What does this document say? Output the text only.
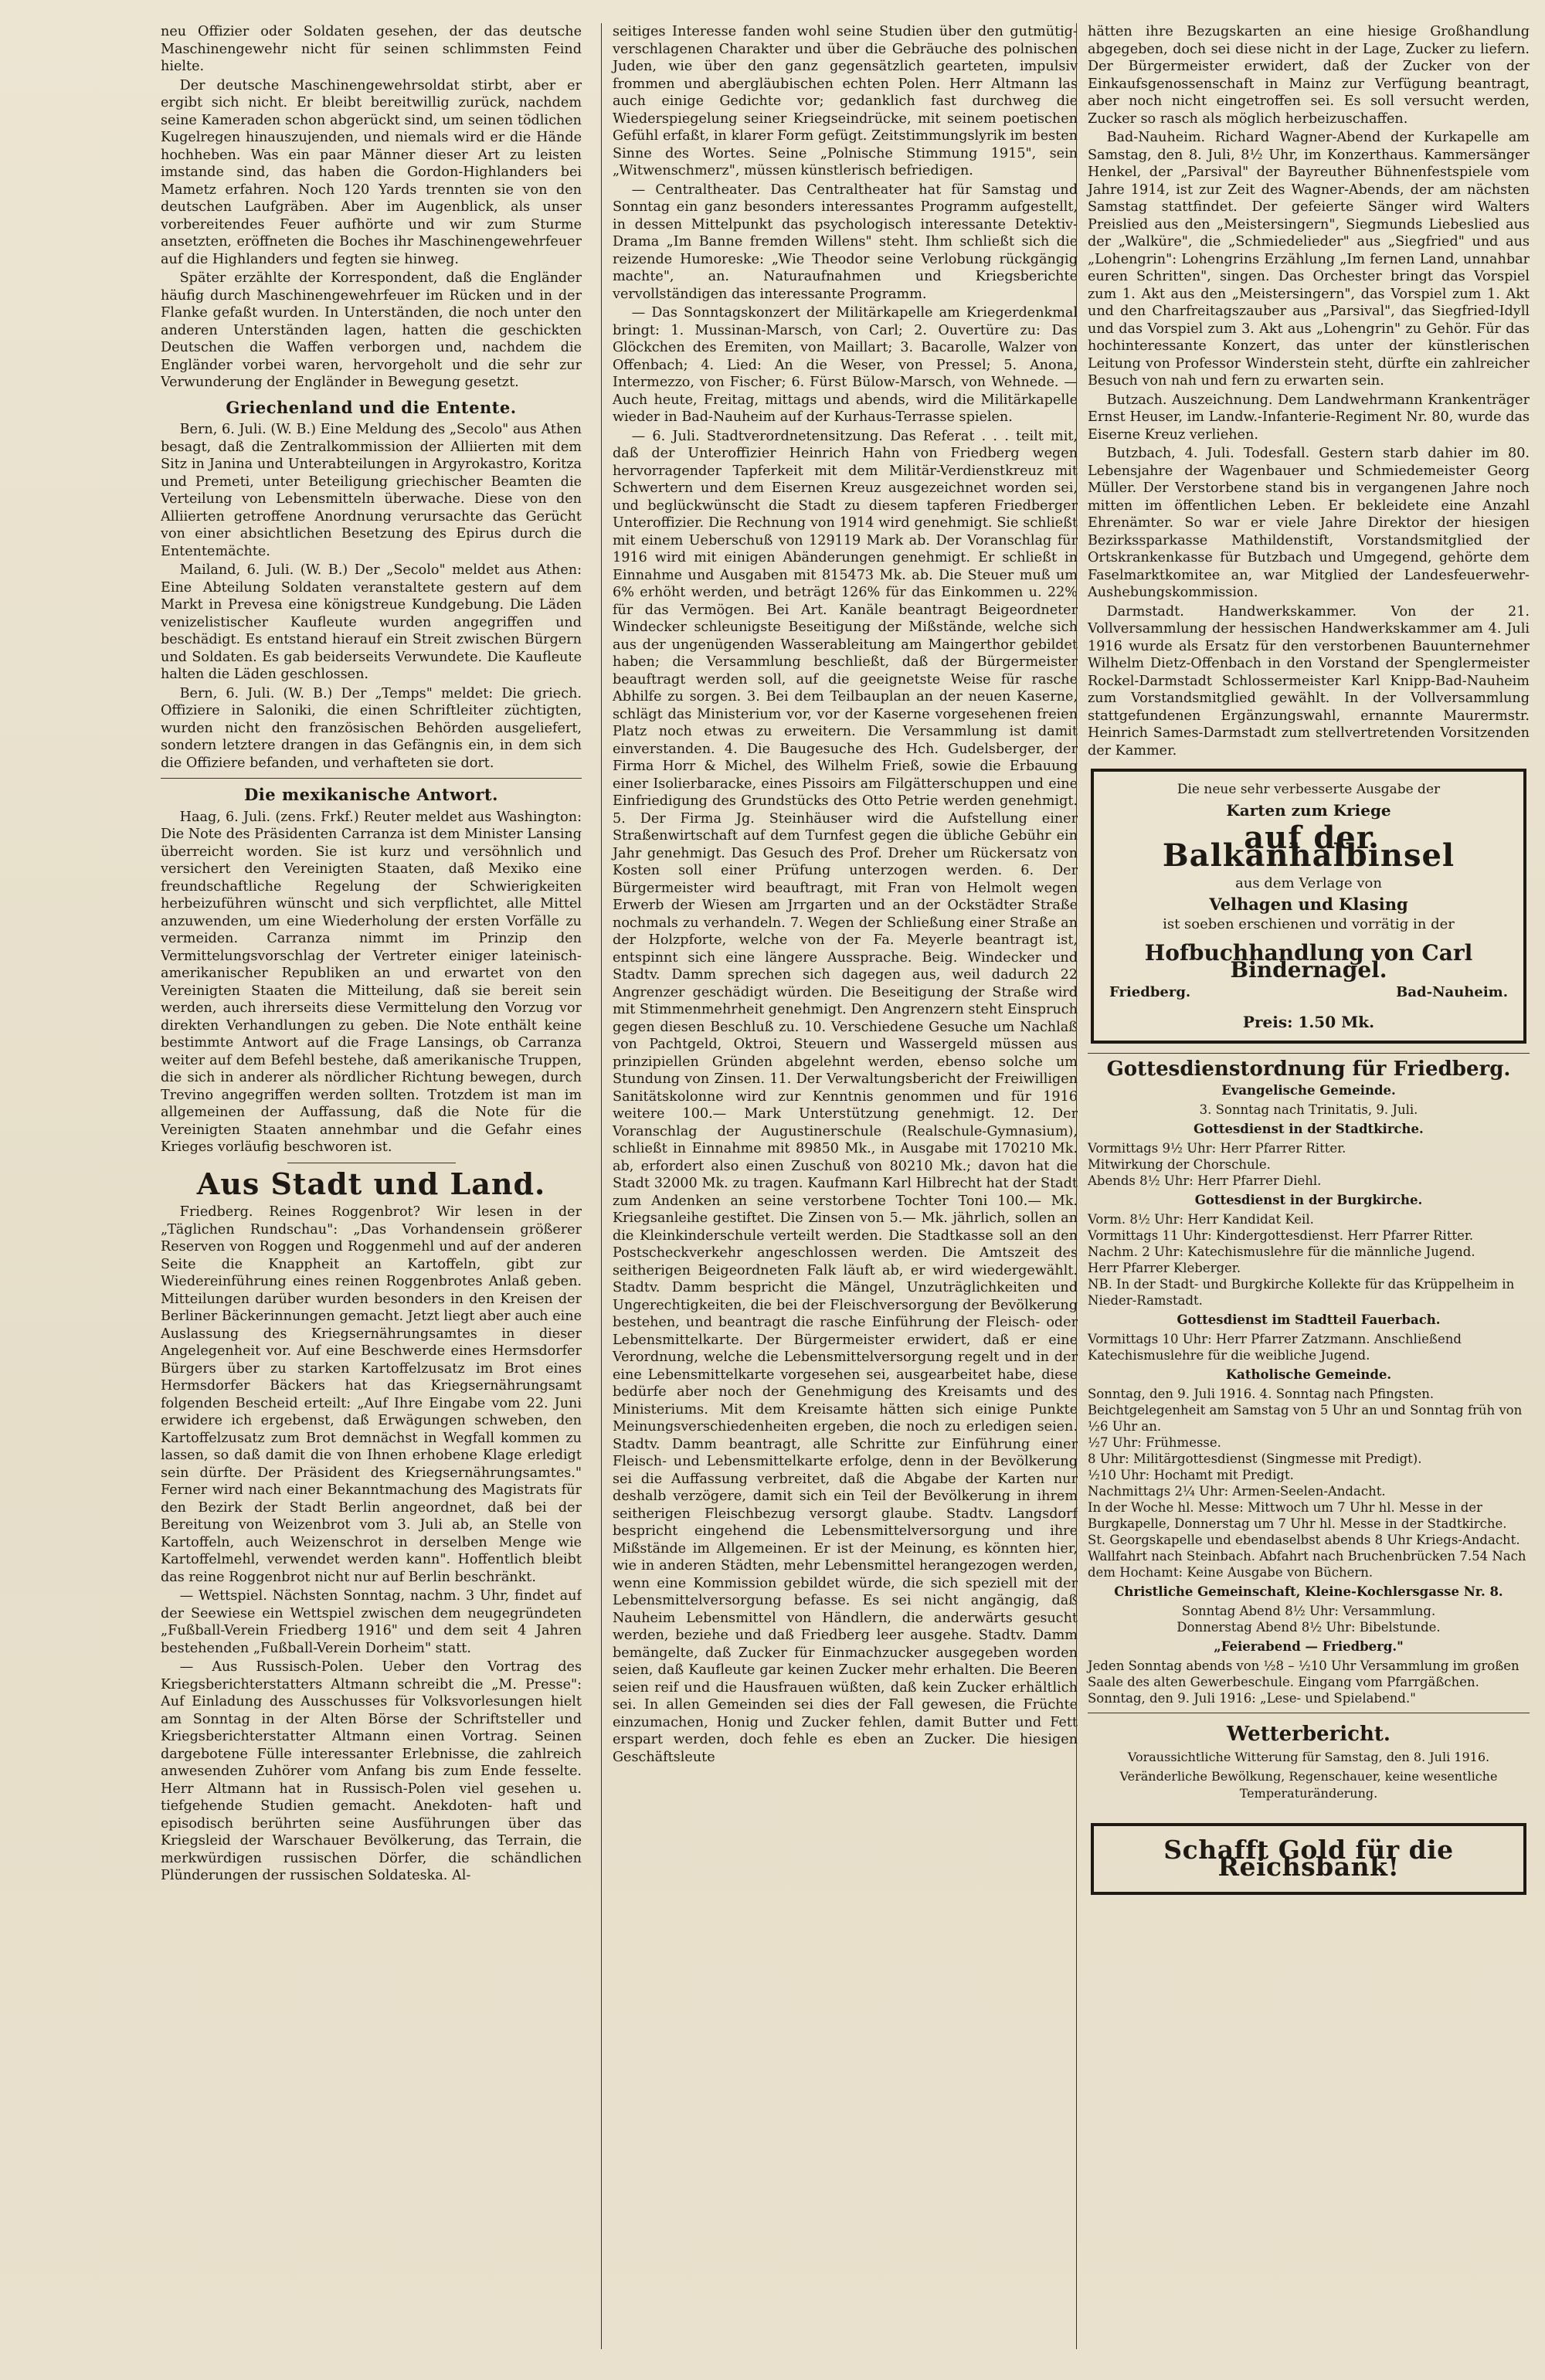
neu Offizier oder Soldaten gesehen, der das deutsche Maschinengewehr nicht für seinen schlimmsten Feind hielte.

Der deutsche Maschinengewehrsoldat stirbt, aber er ergibt sich nicht. Er bleibt bereitwillig zurück, nachdem seine Kameraden schon abgerückt sind, um seinen tödlichen Kugelregen hinauszujenden, und niemals wird er die Hände hochheben. Was ein paar Männer dieser Art zu leisten imstande sind, das haben die Gordon-Highlanders bei Mametz erfahren. Noch 120 Yards trennten sie von den deutschen Laufgräben. Aber im Augenblick, als unser vorbereitendes Feuer aufhörte und wir zum Sturme ansetzten, eröffneten die Boches ihr Maschinengewehrfeuer auf die Highlanders und fegten sie hinweg.

Später erzählte der Korrespondent, daß die Engländer häufig durch Maschinengewehrfeuer im Rücken und in der Flanke gefaßt wurden. In Unterständen, die noch unter den anderen Unterständen lagen, hatten die geschickten Deutschen die Waffen verborgen und, nachdem die Engländer vorbei waren, hervorgeholt und die sehr zur Verwunderung der Engländer in Bewegung gesetzt.

Griechenland und die Entente.

Bern, 6. Juli. (W. B.) Eine Meldung des „Secolo" aus Athen besagt, daß die Zentralkommission der Alliierten mit dem Sitz in Janina und Unterabteilungen in Argyrokastro, Koritza und Premeti, unter Beteiligung griechischer Beamten die Verteilung von Lebensmitteln überwache. Diese von den Alliierten getroffene Anordnung verursachte das Gerücht von einer absichtlichen Besetzung des Epirus durch die Ententemächte.

Mailand, 6. Juli. (W. B.) Der „Secolo" meldet aus Athen: Eine Abteilung Soldaten veranstaltete gestern auf dem Markt in Prevesa eine königstreue Kundgebung. Die Läden venizelistischer Kaufleute wurden angegriffen und beschädigt. Es entstand hierauf ein Streit zwischen Bürgern und Soldaten. Es gab beiderseits Verwundete. Die Kaufleute halten die Läden geschlossen.

Bern, 6. Juli. (W. B.) Der „Temps" meldet: Die griech. Offiziere in Saloniki, die einen Schriftleiter züchtigten, wurden nicht den französischen Behörden ausgeliefert, sondern letztere drangen in das Gefängnis ein, in dem sich die Offiziere befanden, und verhafteten sie dort.

Die mexikanische Antwort.

Haag, 6. Juli. (zens. Frkf.) Reuter meldet aus Washington: Die Note des Präsidenten Carranza ist dem Minister Lansing überreicht worden. Sie ist kurz und versöhnlich und versichert den Vereinigten Staaten, daß Mexiko eine freundschaftliche Regelung der Schwierigkeiten herbeizuführen wünscht und sich verpflichtet, alle Mittel anzuwenden, um eine Wiederholung der ersten Vorfälle zu vermeiden. Carranza nimmt im Prinzip den Vermittelungsvorschlag der Vertreter einiger lateinisch-amerikanischer Republiken an und erwartet von den Vereinigten Staaten die Mitteilung, daß sie bereit sein werden, auch ihrerseits diese Vermittelung den Vorzug vor direkten Verhandlungen zu geben. Die Note enthält keine bestimmte Antwort auf die Frage Lansings, ob Carranza weiter auf dem Befehl bestehe, daß amerikanische Truppen, die sich in anderer als nördlicher Richtung bewegen, durch Trevino angegriffen werden sollten. Trotzdem ist man im allgemeinen der Auffassung, daß die Note für die Vereinigten Staaten annehmbar und die Gefahr eines Krieges vorläufig beschworen ist.

Aus Stadt und Land.

Friedberg. Reines Roggenbrot? Wir lesen in der „Täglichen Rundschau": „Das Vorhandensein größerer Reserven von Roggen und Roggenmehl und auf der anderen Seite die Knappheit an Kartoffeln, gibt zur Wiedereinführung eines reinen Roggenbrotes Anlaß geben. Mitteilungen darüber wurden besonders in den Kreisen der Berliner Bäckerinnungen gemacht. Jetzt liegt aber auch eine Auslassung des Kriegsernährungsamtes in dieser Angelegenheit vor. Auf eine Beschwerde eines Hermsdorfer Bürgers über zu starken Kartoffelzusatz im Brot eines Hermsdorfer Bäckers hat das Kriegsernährungsamt folgenden Bescheid erteilt: „Auf Ihre Eingabe vom 22. Juni erwidere ich ergebenst, daß Erwägungen schweben, den Kartoffelzusatz zum Brot demnächst in Wegfall kommen zu lassen, so daß damit die von Ihnen erhobene Klage erledigt sein dürfte. Der Präsident des Kriegsernährungsamtes." Ferner wird nach einer Bekanntmachung des Magistrats für den Bezirk der Stadt Berlin angeordnet, daß bei der Bereitung von Weizenbrot vom 3. Juli ab, an Stelle von Kartoffeln, auch Weizenschrot in derselben Menge wie Kartoffelmehl, verwendet werden kann". Hoffentlich bleibt das reine Roggenbrot nicht nur auf Berlin beschränkt.

— Wettspiel. Nächsten Sonntag, nachm. 3 Uhr, findet auf der Seewiese ein Wettspiel zwischen dem neugegründeten „Fußball-Verein Friedberg 1916" und dem seit 4 Jahren bestehenden „Fußball-Verein Dorheim" statt.

— Aus Russisch-Polen. Ueber den Vortrag des Kriegsberichterstatters Altmann schreibt die „M. Presse": Auf Einladung des Ausschusses für Volksvorlesungen hielt am Sonntag in der Alten Börse der Schriftsteller und Kriegsberichterstatter Altmann einen Vortrag. Seinen dargebotene Fülle interessanter Erlebnisse, die zahlreich anwesenden Zuhörer vom Anfang bis zum Ende fesselte. Herr Altmann hat in Russisch-Polen viel gesehen u. tiefgehende Studien gemacht. Anekdoten- haft und episodisch berührten seine Ausführungen über das Kriegsleid der Warschauer Bevölkerung, das Terrain, die merkwürdigen russischen Dörfer, die schändlichen Plünderungen der russischen Soldateska. Al-

seitiges Interesse fanden wohl seine Studien über den gutmütig-verschlagenen Charakter und über die Gebräuche des polnischen Juden, wie über den ganz gegensätzlich gearteten, impulsiv frommen und abergläubischen echten Polen. Herr Altmann las auch einige Gedichte vor; gedanklich fast durchweg die Wiederspiegelung seiner Kriegseindrücke, mit seinem poetischen Gefühl erfaßt, in klarer Form gefügt. Zeitstimmungslyrik im besten Sinne des Wortes. Seine „Polnische Stimmung 1915", sein „Witwenschmerz", müssen künstlerisch befriedigen.

— Centraltheater. Das Centraltheater hat für Samstag und Sonntag ein ganz besonders interessantes Programm aufgestellt, in dessen Mittelpunkt das psychologisch interessante Detektiv-Drama „Im Banne fremden Willens" steht. Ihm schließt sich die reizende Humoreske: „Wie Theodor seine Verlobung rückgängig machte", an. Naturaufnahmen und Kriegsberichte vervollständigen das interessante Programm.

— Das Sonntagskonzert der Militärkapelle am Kriegerdenkmal bringt: 1. Mussinan-Marsch, von Carl; 2. Ouvertüre zu: Das Glöckchen des Eremiten, von Maillart; 3. Bacarolle, Walzer von Offenbach; 4. Lied: An die Weser, von Pressel; 5. Anona, Intermezzo, von Fischer; 6. Fürst Bülow-Marsch, von Wehnede. — Auch heute, Freitag, mittags und abends, wird die Militärkapelle wieder in Bad-Nauheim auf der Kurhaus-Terrasse spielen.

— 6. Juli. Stadtverordnetensitzung. Das Referat . . . teilt mit, daß der Unteroffizier Heinrich Hahn von Friedberg wegen hervorragender Tapferkeit mit dem Militär-Verdienstkreuz mit Schwertern und dem Eisernen Kreuz ausgezeichnet worden sei, und beglückwünscht die Stadt zu diesem tapferen Friedberger Unteroffizier. Die Rechnung von 1914 wird genehmigt. Sie schließt mit einem Ueberschuß von 129119 Mark ab. Der Voranschlag für 1916 wird mit einigen Abänderungen genehmigt. Er schließt in Einnahme und Ausgaben mit 815473 Mk. ab. Die Steuer muß um 6% erhöht werden, und beträgt 126% für das Einkommen u. 22% für das Vermögen. Bei Art. Kanäle beantragt Beigeordneter Windecker schleunigste Beseitigung der Mißstände, welche sich aus der ungenügenden Wasserableitung am Maingerthor gebildet haben; die Versammlung beschließt, daß der Bürgermeister beauftragt werden soll, auf die geeignetste Weise für rasche Abhilfe zu sorgen. 3. Bei dem Teilbauplan an der neuen Kaserne, schlägt das Ministerium vor, vor der Kaserne vorgesehenen freien Platz noch etwas zu erweitern. Die Versammlung ist damit einverstanden. 4. Die Baugesuche des Hch. Gudelsberger, der Firma Horr & Michel, des Wilhelm Frieß, sowie die Erbauung einer Isolierbaracke, eines Pissoirs am Filgätterschuppen und eine Einfriedigung des Grundstücks des Otto Petrie werden genehmigt. 5. Der Firma Jg. Steinhäuser wird die Aufstellung einer Straßenwirtschaft auf dem Turnfest gegen die übliche Gebühr ein Jahr genehmigt. Das Gesuch des Prof. Dreher um Rückersatz von Kosten soll einer Prüfung unterzogen werden. 6. Der Bürgermeister wird beauftragt, mit Fran von Helmolt wegen Erwerb der Wiesen am Jrrgarten und an der Ockstädter Straße nochmals zu verhandeln. 7. Wegen der Schließung einer Straße an der Holzpforte, welche von der Fa. Meyerle beantragt ist, entspinnt sich eine längere Aussprache. Beig. Windecker und Stadtv. Damm sprechen sich dagegen aus, weil dadurch 22 Angrenzer geschädigt würden. Die Beseitigung der Straße wird mit Stimmenmehrheit genehmigt. Den Angrenzern steht Einspruch gegen diesen Beschluß zu. 10. Verschiedene Gesuche um Nachlaß von Pachtgeld, Oktroi, Steuern und Wassergeld müssen aus prinzipiellen Gründen abgelehnt werden, ebenso solche um Stundung von Zinsen. 11. Der Verwaltungsbericht der Freiwilligen Sanitätskolonne wird zur Kenntnis genommen und für 1916 weitere 100.— Mark Unterstützung genehmigt. 12. Der Voranschlag der Augustinerschule (Realschule-Gymnasium), schließt in Einnahme mit 89850 Mk., in Ausgabe mit 170210 Mk. ab, erfordert also einen Zuschuß von 80210 Mk.; davon hat die Stadt 32000 Mk. zu tragen. Kaufmann Karl Hilbrecht hat der Stadt zum Andenken an seine verstorbene Tochter Toni 100.— Mk. Kriegsanleihe gestiftet. Die Zinsen von 5.— Mk. jährlich, sollen an die Kleinkinderschule verteilt werden. Die Stadtkasse soll an den Postscheckverkehr angeschlossen werden. Die Amtszeit des seitherigen Beigeordneten Falk läuft ab, er wird wiedergewählt. Stadtv. Damm bespricht die Mängel, Unzuträglichkeiten und Ungerechtigkeiten, die bei der Fleischversorgung der Bevölkerung bestehen, und beantragt die rasche Einführung der Fleisch- oder Lebensmittelkarte. Der Bürgermeister erwidert, daß er eine Verordnung, welche die Lebensmittelversorgung regelt und in der eine Lebensmittelkarte vorgesehen sei, ausgearbeitet habe, diese bedürfe aber noch der Genehmigung des Kreisamts und des Ministeriums. Mit dem Kreisamte hätten sich einige Punkte Meinungsverschiedenheiten ergeben, die noch zu erledigen seien. Stadtv. Damm beantragt, alle Schritte zur Einführung einer Fleisch- und Lebensmittelkarte erfolge, denn in der Bevölkerung sei die Auffassung verbreitet, daß die Abgabe der Karten nur deshalb verzögere, damit sich ein Teil der Bevölkerung in ihrem seitherigen Fleischbezug versorgt glaube. Stadtv. Langsdorf bespricht eingehend die Lebensmittelversorgung und ihre Mißstände im Allgemeinen. Er ist der Meinung, es könnten hier, wie in anderen Städten, mehr Lebensmittel herangezogen werden, wenn eine Kommission gebildet würde, die sich speziell mit der Lebensmittelversorgung befasse. Es sei nicht angängig, daß Nauheim Lebensmittel von Händlern, die anderwärts gesucht werden, beziehe und daß Friedberg leer ausgehe. Stadtv. Damm bemängelte, daß Zucker für Einmachzucker ausgegeben worden seien, daß Kaufleute gar keinen Zucker mehr erhalten. Die Beeren seien reif und die Hausfrauen wüßten, daß kein Zucker erhältlich sei. In allen Gemeinden sei dies der Fall gewesen, die Früchte einzumachen, Honig und Zucker fehlen, damit Butter und Fett erspart werden, doch fehle es eben an Zucker. Die hiesigen Geschäftsleute

hätten ihre Bezugskarten an eine hiesige Großhandlung abgegeben, doch sei diese nicht in der Lage, Zucker zu liefern. Der Bürgermeister erwidert, daß der Zucker von der Einkaufsgenossenschaft in Mainz zur Verfügung beantragt, aber noch nicht eingetroffen sei. Es soll versucht werden, Zucker so rasch als möglich herbeizuschaffen.

Bad-Nauheim. Richard Wagner-Abend der Kurkapelle am Samstag, den 8. Juli, 8½ Uhr, im Konzerthaus. Kammersänger Henkel, der „Parsival" der Bayreuther Bühnenfestspiele vom Jahre 1914, ist zur Zeit des Wagner-Abends, der am nächsten Samstag stattfindet. Der gefeierte Sänger wird Walters Preislied aus den „Meistersingern", Siegmunds Liebeslied aus der „Walküre", die „Schmiedelieder" aus „Siegfried" und aus „Lohengrin": Lohengrins Erzählung „Im fernen Land, unnahbar euren Schritten", singen. Das Orchester bringt das Vorspiel zum 1. Akt aus den „Meistersingern", das Vorspiel zum 1. Akt und den Charfreitagszauber aus „Parsival", das Siegfried-Idyll und das Vorspiel zum 3. Akt aus „Lohengrin" zu Gehör. Für das hochinteressante Konzert, das unter der künstlerischen Leitung von Professor Winderstein steht, dürfte ein zahlreicher Besuch von nah und fern zu erwarten sein.

Butzach. Auszeichnung. Dem Landwehrmann Krankenträger Ernst Heuser, im Landw.-Infanterie-Regiment Nr. 80, wurde das Eiserne Kreuz verliehen.

Butzbach, 4. Juli. Todesfall. Gestern starb dahier im 80. Lebensjahre der Wagenbauer und Schmiedemeister Georg Müller. Der Verstorbene stand bis in vergangenen Jahre noch mitten im öffentlichen Leben. Er bekleidete eine Anzahl Ehrenämter. So war er viele Jahre Direktor der hiesigen Bezirkssparkasse Mathildenstift, Vorstandsmitglied der Ortskrankenkasse für Butzbach und Umgegend, gehörte dem Faselmarktkomitee an, war Mitglied der Landesfeuerwehr-Aushebungskommission.

Darmstadt. Handwerkskammer. Von der 21. Vollversammlung der hessischen Handwerkskammer am 4. Juli 1916 wurde als Ersatz für den verstorbenen Bauunternehmer Wilhelm Dietz-Offenbach in den Vorstand der Spenglermeister Rockel-Darmstadt Schlossermeister Karl Knipp-Bad-Nauheim zum Vorstandsmitglied gewählt. In der Vollversammlung stattgefundenen Ergänzungswahl, ernannte Maurermstr. Heinrich Sames-Darmstadt zum stellvertretenden Vorsitzenden der Kammer.

Die neue sehr verbesserte Ausgabe der
Karten zum Kriege
auf der Balkanhalbinsel
aus dem Verlage von
Velhagen und Klasing
ist soeben erschienen und vorrätig in der
Hofbuchhandlung von Carl Bindernagel.
Friedberg.	Bad-Nauheim.
Preis: 1.50 Mk.
Gottesdienstordnung für Friedberg.
Evangelische Gemeinde.

3. Sonntag nach Trinitatis, 9. Juli.

Gottesdienst in der Stadtkirche.

Vormittags 9½ Uhr: Herr Pfarrer Ritter.

Mitwirkung der Chorschule.

Abends 8½ Uhr: Herr Pfarrer Diehl.

Gottesdienst in der Burgkirche.

Vorm. 8½ Uhr: Herr Kandidat Keil.

Vormittags 11 Uhr: Kindergottesdienst. Herr Pfarrer Ritter.

Nachm. 2 Uhr: Katechismuslehre für die männliche Jugend.

Herr Pfarrer Kleberger.

NB. In der Stadt- und Burgkirche Kollekte für das Krüppelheim in Nieder-Ramstadt.

Gottesdienst im Stadtteil Fauerbach.

Vormittags 10 Uhr: Herr Pfarrer Zatzmann. Anschließend Katechismuslehre für die weibliche Jugend.

Katholische Gemeinde.

Sonntag, den 9. Juli 1916. 4. Sonntag nach Pfingsten.

Beichtgelegenheit am Samstag von 5 Uhr an und Sonntag früh von ½6 Uhr an.

½7 Uhr: Frühmesse.

8 Uhr: Militärgottesdienst (Singmesse mit Predigt).

½10 Uhr: Hochamt mit Predigt.

Nachmittags 2¼ Uhr: Armen-Seelen-Andacht.

In der Woche hl. Messe: Mittwoch um 7 Uhr hl. Messe in der Burgkapelle, Donnerstag um 7 Uhr hl. Messe in der Stadtkirche.

St. Georgskapelle und ebendaselbst abends 8 Uhr Kriegs-Andacht.

Wallfahrt nach Steinbach. Abfahrt nach Bruchenbrücken 7.54 Nach dem Hochamt: Keine Ausgabe von Büchern.

Christliche Gemeinschaft, Kleine-Kochlersgasse Nr. 8.

Sonntag Abend 8½ Uhr: Versammlung.

Donnerstag Abend 8½ Uhr: Bibelstunde.

„Feierabend — Friedberg."

Jeden Sonntag abends von ½8 – ½10 Uhr Versammlung im großen Saale des alten Gewerbeschule. Eingang vom Pfarrgäßchen.

Sonntag, den 9. Juli 1916: „Lese- und Spielabend."

Wetterbericht.

Voraussichtliche Witterung für Samstag, den 8. Juli 1916.

Veränderliche Bewölkung, Regenschauer, keine wesentliche Temperaturänderung.

Schafft Gold für die Reichsbank!
